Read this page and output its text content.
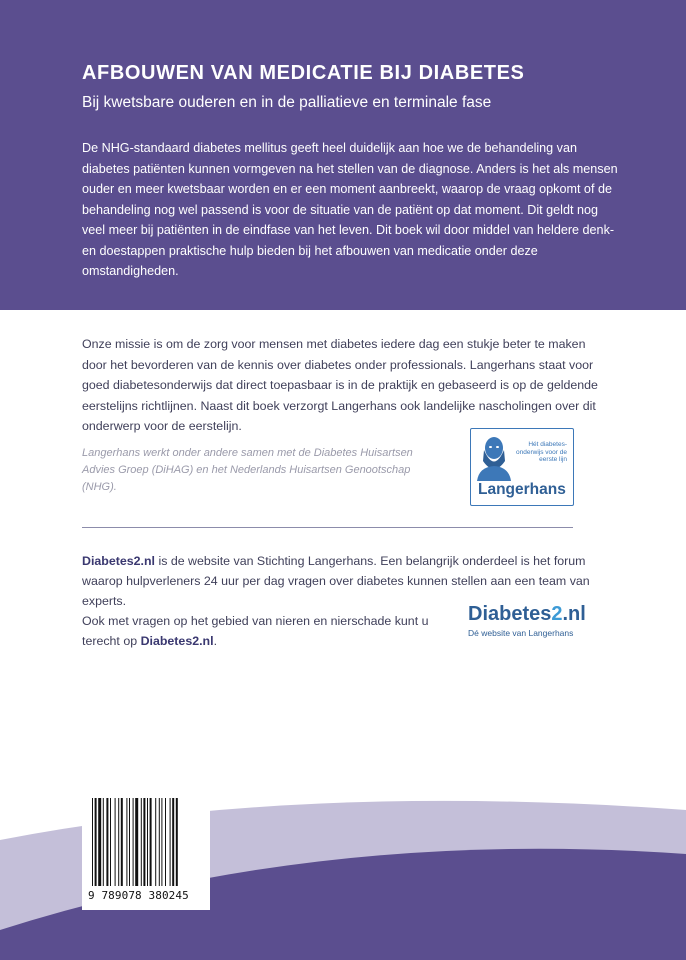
AFBOUWEN VAN MEDICATIE BIJ DIABETES

Bij kwetsbare ouderen en in de palliatieve en terminale fase

De NHG-standaard diabetes mellitus geeft heel duidelijk aan hoe we de behandeling van diabetes patiënten kunnen vormgeven na het stellen van de diagnose. Anders is het als mensen ouder en meer kwetsbaar worden en er een moment aanbreekt, waarop de vraag opkomt of de behandeling nog wel passend is voor de situatie van de patiënt op dat moment. Dit geldt nog veel meer bij patiënten in de eindfase van het leven. Dit boek wil door middel van heldere denk- en doestappen praktische hulp bieden bij het afbouwen van medicatie onder deze omstandigheden.

Onze missie is om de zorg voor mensen met diabetes iedere dag een stukje beter te maken door het bevorderen van de kennis over diabetes onder professionals. Langerhans staat voor goed diabetesonderwijs dat direct toepasbaar is in de praktijk en gebaseerd is op de geldende eerstelijns richtlijnen. Naast dit boek verzorgt Langerhans ook landelijke nascholingen over dit onderwerp voor de eerstelijn.

Langerhans werkt onder andere samen met de Diabetes Huisartsen Advies Groep (DiHAG) en het Nederlands Huisartsen Genootschap (NHG).

Hét diabetes-onderwijs voor de eerste lijn
Langerhans

Diabetes2.nl is de website van Stichting Langerhans. Een belangrijk onderdeel is het forum waarop hulpverleners 24 uur per dag vragen over diabetes kunnen stellen aan een team van experts.

Ook met vragen op het gebied van nieren en nierschade kunt u terecht op Diabetes2.nl.

Diabetes2.nl
Dé website van Langerhans
9 789078 380245
